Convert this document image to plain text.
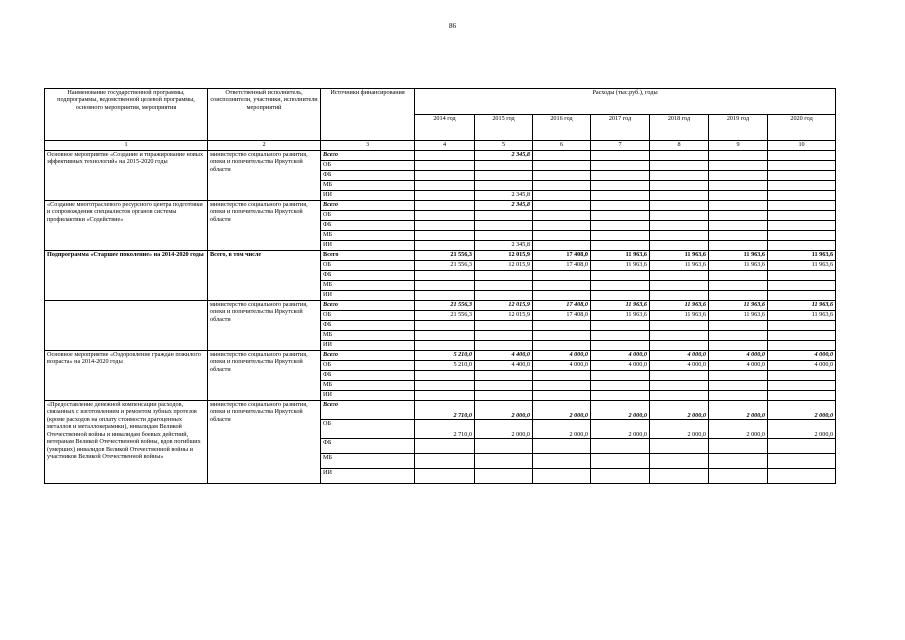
86
Наименование государственной программы, подпрограммы, ведомственной целевой программы, основного мероприятия, мероприятия	Ответственный исполнитель, соисполнители, участники, исполнители мероприятий	Источники финансирования	Расходы (тыс.руб.), годы						
			2014 год	2015 год	2016 год	2017 год	2018 год	2019 год	2020 год
1	2	3	4	5	6	7	8	9	10
Основное мероприятие «Создание и тиражирование новых эффективных технологий» на 2015-2020 годы	министерство социального развития, опеки и попечительства Иркутской области	Всего		2 345,8					
		ОБ							
		ФБ							
		МБ							
		ИИ		2 345,8					
«Создание многотраслевого ресурсного центра подготовки и сопровождения специалистов органов системы профилактики «Содействие»	министерство социального развития, опеки и попечительства Иркутской области	Всего		2 345,8					
		ОБ							
		ФБ							
		МБ							
		ИИ		2 345,8					
Подпрограмма «Старшее поколение» на 2014-2020 годы	Всего, в том числе	Всего	21 556,3	12 015,9	17 408,0	11 963,6	11 963,6	11 963,6	11 963,6
		ОБ	21 556,3	12 015,9	17 408,0	11 963,6	11 963,6	11 963,6	11 963,6
		ФБ							
		МБ							
		ИИ							
	министерство социального развития, опеки и попечительства Иркутской области	Всего	21 556,3	12 015,9	17 408,0	11 963,6	11 963,6	11 963,6	11 963,6
		ОБ	21 556,3	12 015,9	17 408,0	11 963,6	11 963,6	11 963,6	11 963,6
		ФБ							
		МБ							
		ИИ							
Основное мероприятие «Оздоровление граждан пожилого возраста» на 2014-2020 годы	министерство социального развития, опеки и попечительства Иркутской области	Всего	5 210,0	4 400,0	4 000,0	4 000,0	4 000,0	4 000,0	4 000,0
		ОБ	5 210,0	4 400,0	4 000,0	4 000,0	4 000,0	4 000,0	4 000,0
		ФБ							
		МБ							
		ИИ							
«Предоставление денежной компенсации расходов, связанных с изготовлением и ремонтом зубных протезов (кроме расходов на оплату стоимости драгоценных металлов и металлокерамики), инвалидам Великой Отечественной войны и инвалидам боевых действий, ветеранам Великой Отечественной войны, вдов погибших (умерших) инвалидов Великой Отечественной войны и участников Великой Отечественной войны»	министерство социального развития, опеки и попечительства Иркутской области	Всего	2 710,0	2 000,0	2 000,0	2 000,0	2 000,0	2 000,0	2 000,0
		ОБ	2 710,0	2 000,0	2 000,0	2 000,0	2 000,0	2 000,0	2 000,0
		ФБ							
		МБ							
		ИИ							
